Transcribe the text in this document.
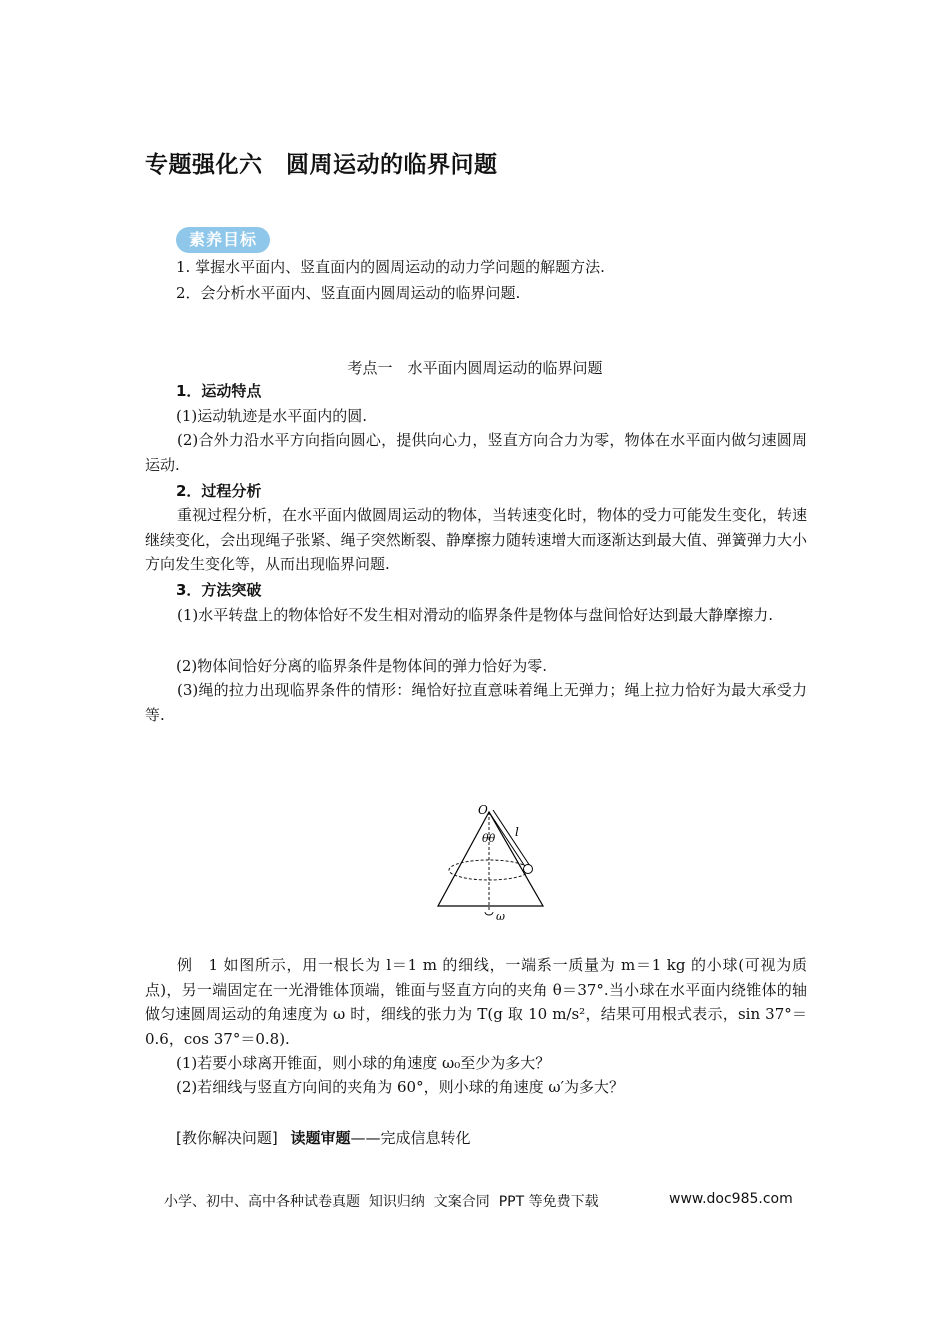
专题强化六　圆周运动的临界问题
素养目标
1. 掌握水平面内、竖直面内的圆周运动的动力学问题的解题方法.
2．会分析水平面内、竖直面内圆周运动的临界问题.
考点一　水平面内圆周运动的临界问题
1．运动特点
(1)运动轨迹是水平面内的圆.
(2)合外力沿水平方向指向圆心，提供向心力，竖直方向合力为零，物体在水平面内做匀速圆周运动.
2．过程分析
重视过程分析，在水平面内做圆周运动的物体，当转速变化时，物体的受力可能发生变化，转速继续变化，会出现绳子张紧、绳子突然断裂、静摩擦力随转速增大而逐渐达到最大值、弹簧弹力大小方向发生变化等，从而出现临界问题.
3．方法突破
(1)水平转盘上的物体恰好不发生相对滑动的临界条件是物体与盘间恰好达到最大静摩擦力.
(2)物体间恰好分离的临界条件是物体间的弹力恰好为零.
(3)绳的拉力出现临界条件的情形：绳恰好拉直意味着绳上无弹力；绳上拉力恰好为最大承受力等.
O
θθ l
ω
例　1 如图所示，用一根长为 l＝1 m 的细线，一端系一质量为 m＝1 kg 的小球(可视为质点)，另一端固定在一光滑锥体顶端，锥面与竖直方向的夹角 θ＝37°.当小球在水平面内绕锥体的轴做匀速圆周运动的角速度为 ω 时，细线的张力为 T(g 取 10 m/s²，结果可用根式表示，sin 37°＝0.6，cos 37°＝0.8).
(1)若要小球离开锥面，则小球的角速度 ω₀至少为多大？
(2)若细线与竖直方向间的夹角为 60°，则小球的角速度 ω′为多大？
[教你解决问题] 读题审题——完成信息转化
小学、初中、高中各种试卷真题  知识归纳  文案合同  PPT 等免费下载	www.doc985.com
